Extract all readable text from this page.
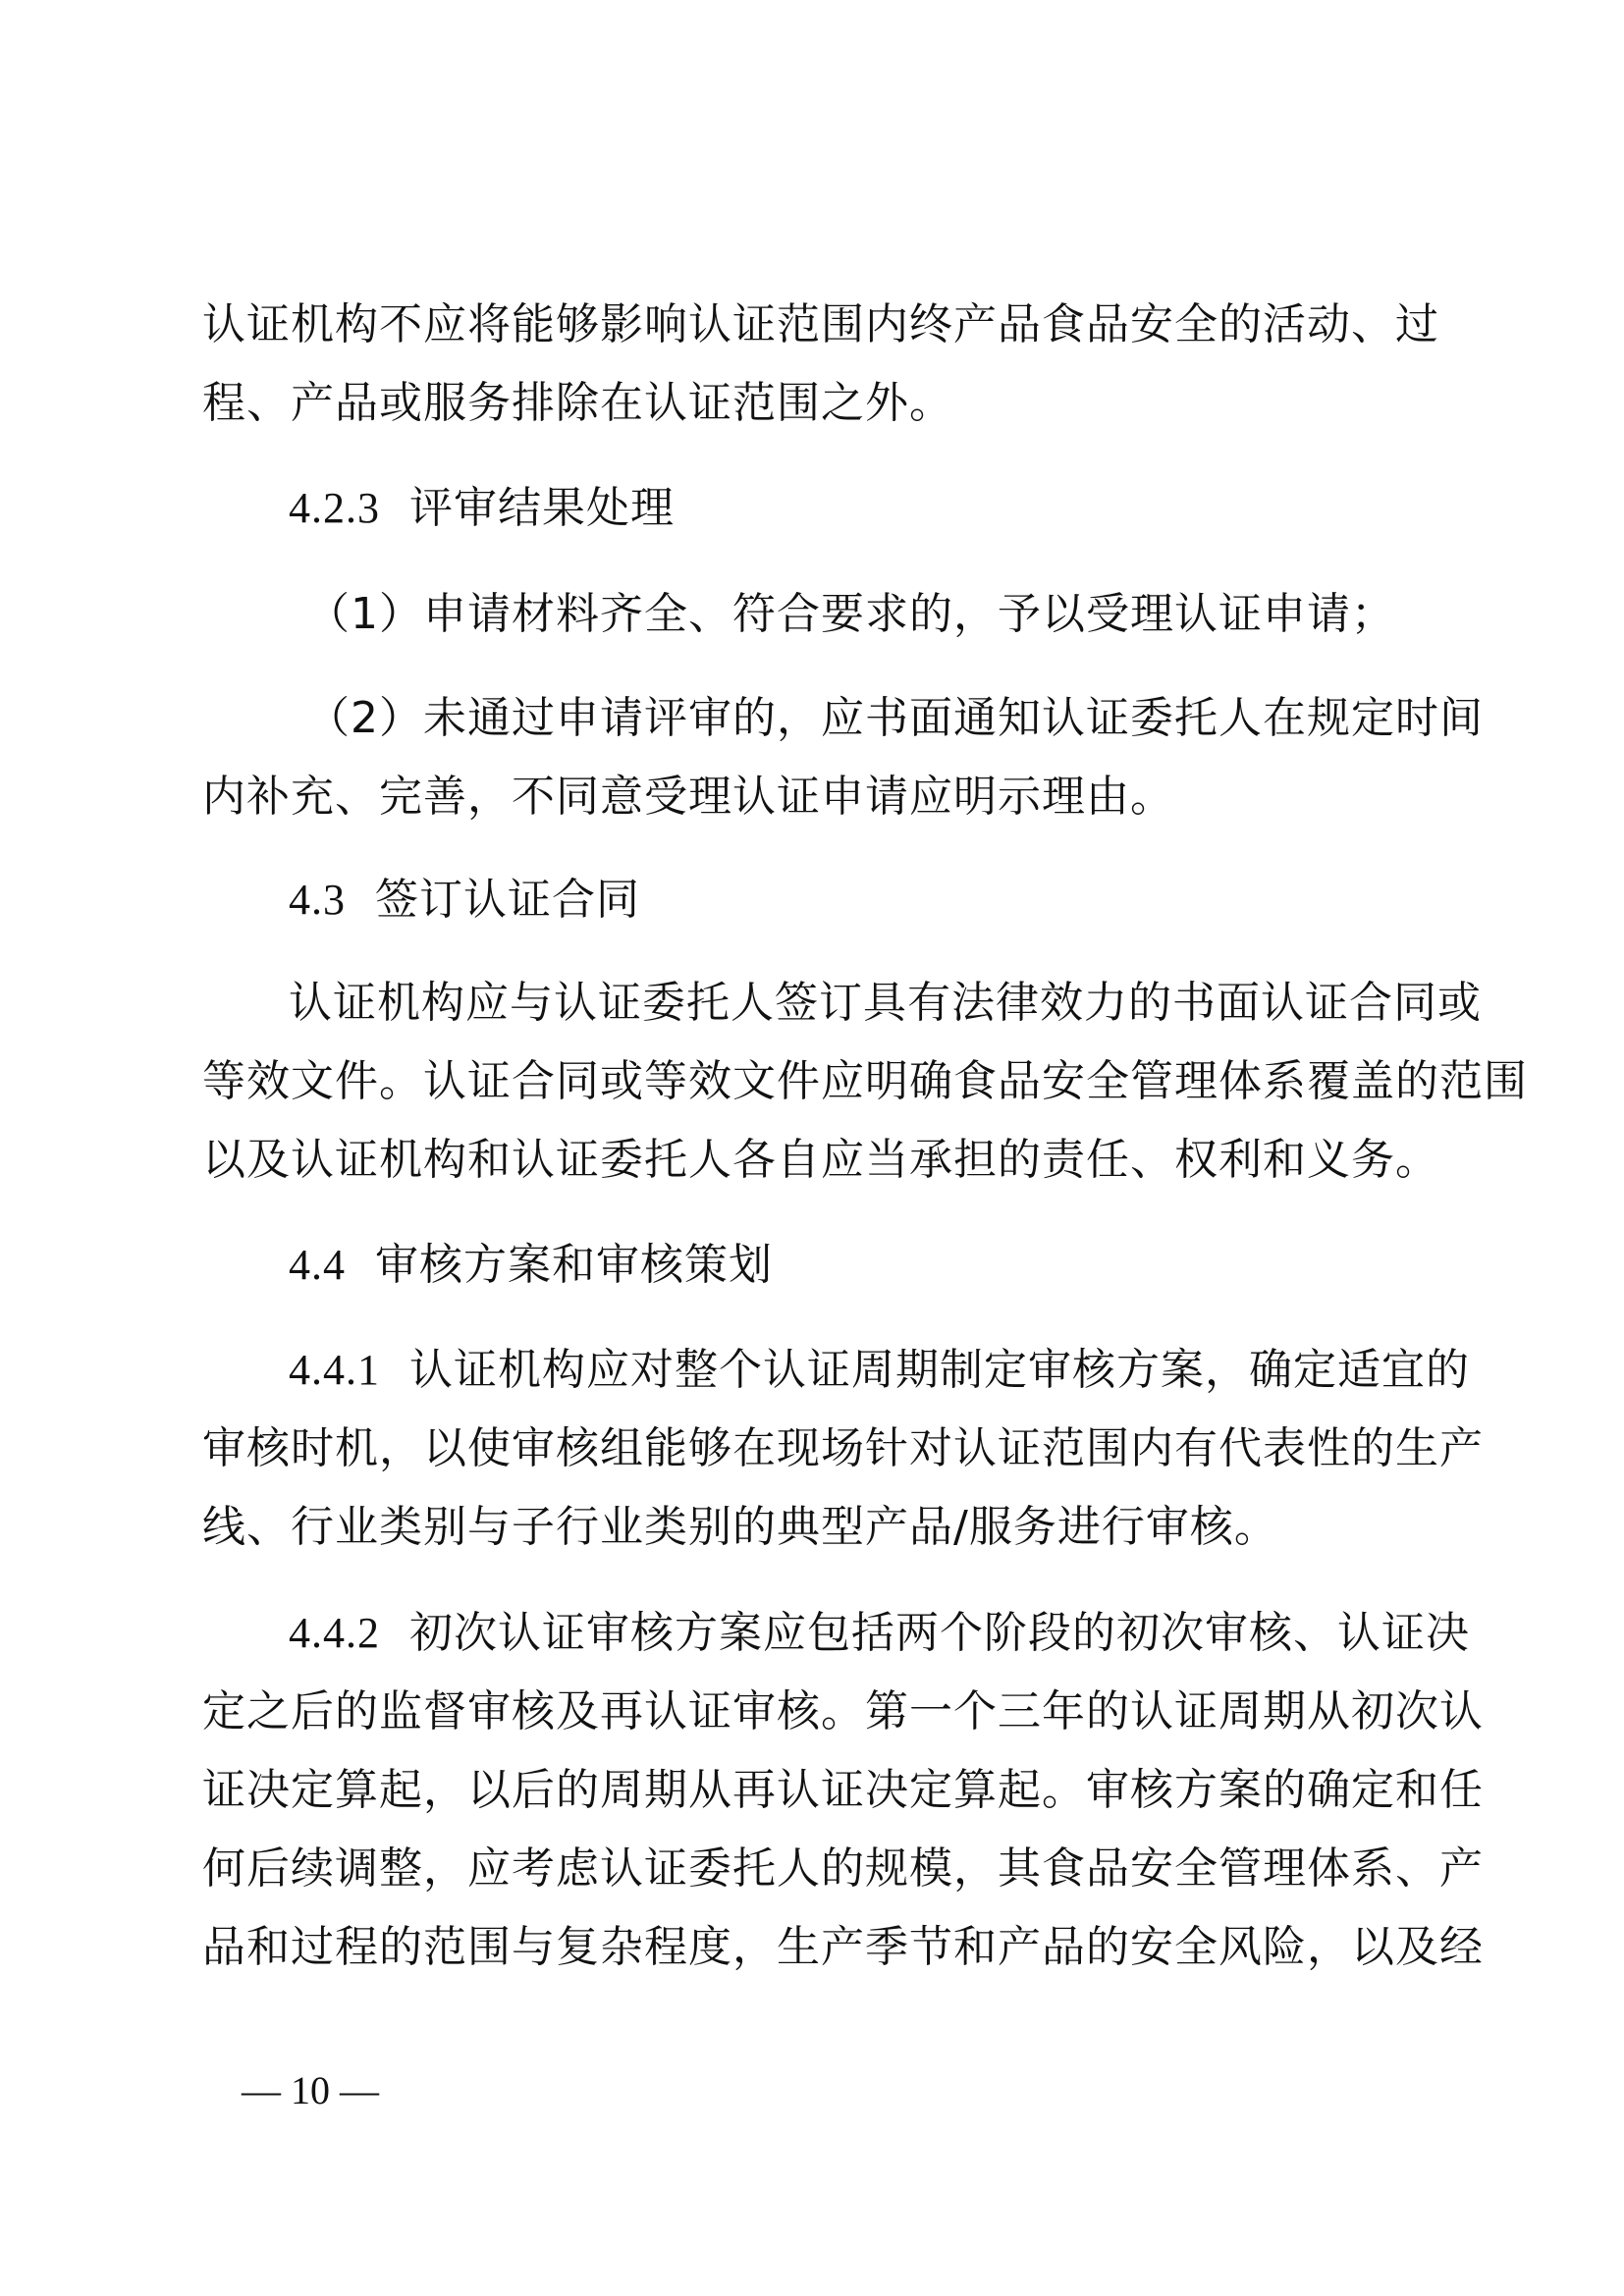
认证机构不应将能够影响认证范围内终产品食品安全的活动、过

程、产品或服务排除在认证范围之外。

4.2.3 评审结果处理

（1）申请材料齐全、符合要求的，予以受理认证申请；

（2）未通过申请评审的，应书面通知认证委托人在规定时间

内补充、完善，不同意受理认证申请应明示理由。

4.3 签订认证合同

认证机构应与认证委托人签订具有法律效力的书面认证合同或

等效文件。认证合同或等效文件应明确食品安全管理体系覆盖的范围

以及认证机构和认证委托人各自应当承担的责任、权利和义务。

4.4 审核方案和审核策划

4.4.1 认证机构应对整个认证周期制定审核方案，确定适宜的

审核时机，以使审核组能够在现场针对认证范围内有代表性的生产

线、行业类别与子行业类别的典型产品/服务进行审核。

4.4.2 初次认证审核方案应包括两个阶段的初次审核、认证决

定之后的监督审核及再认证审核。第一个三年的认证周期从初次认

证决定算起，以后的周期从再认证决定算起。审核方案的确定和任

何后续调整，应考虑认证委托人的规模，其食品安全管理体系、产

品和过程的范围与复杂程度，生产季节和产品的安全风险，以及经

— 10 —
